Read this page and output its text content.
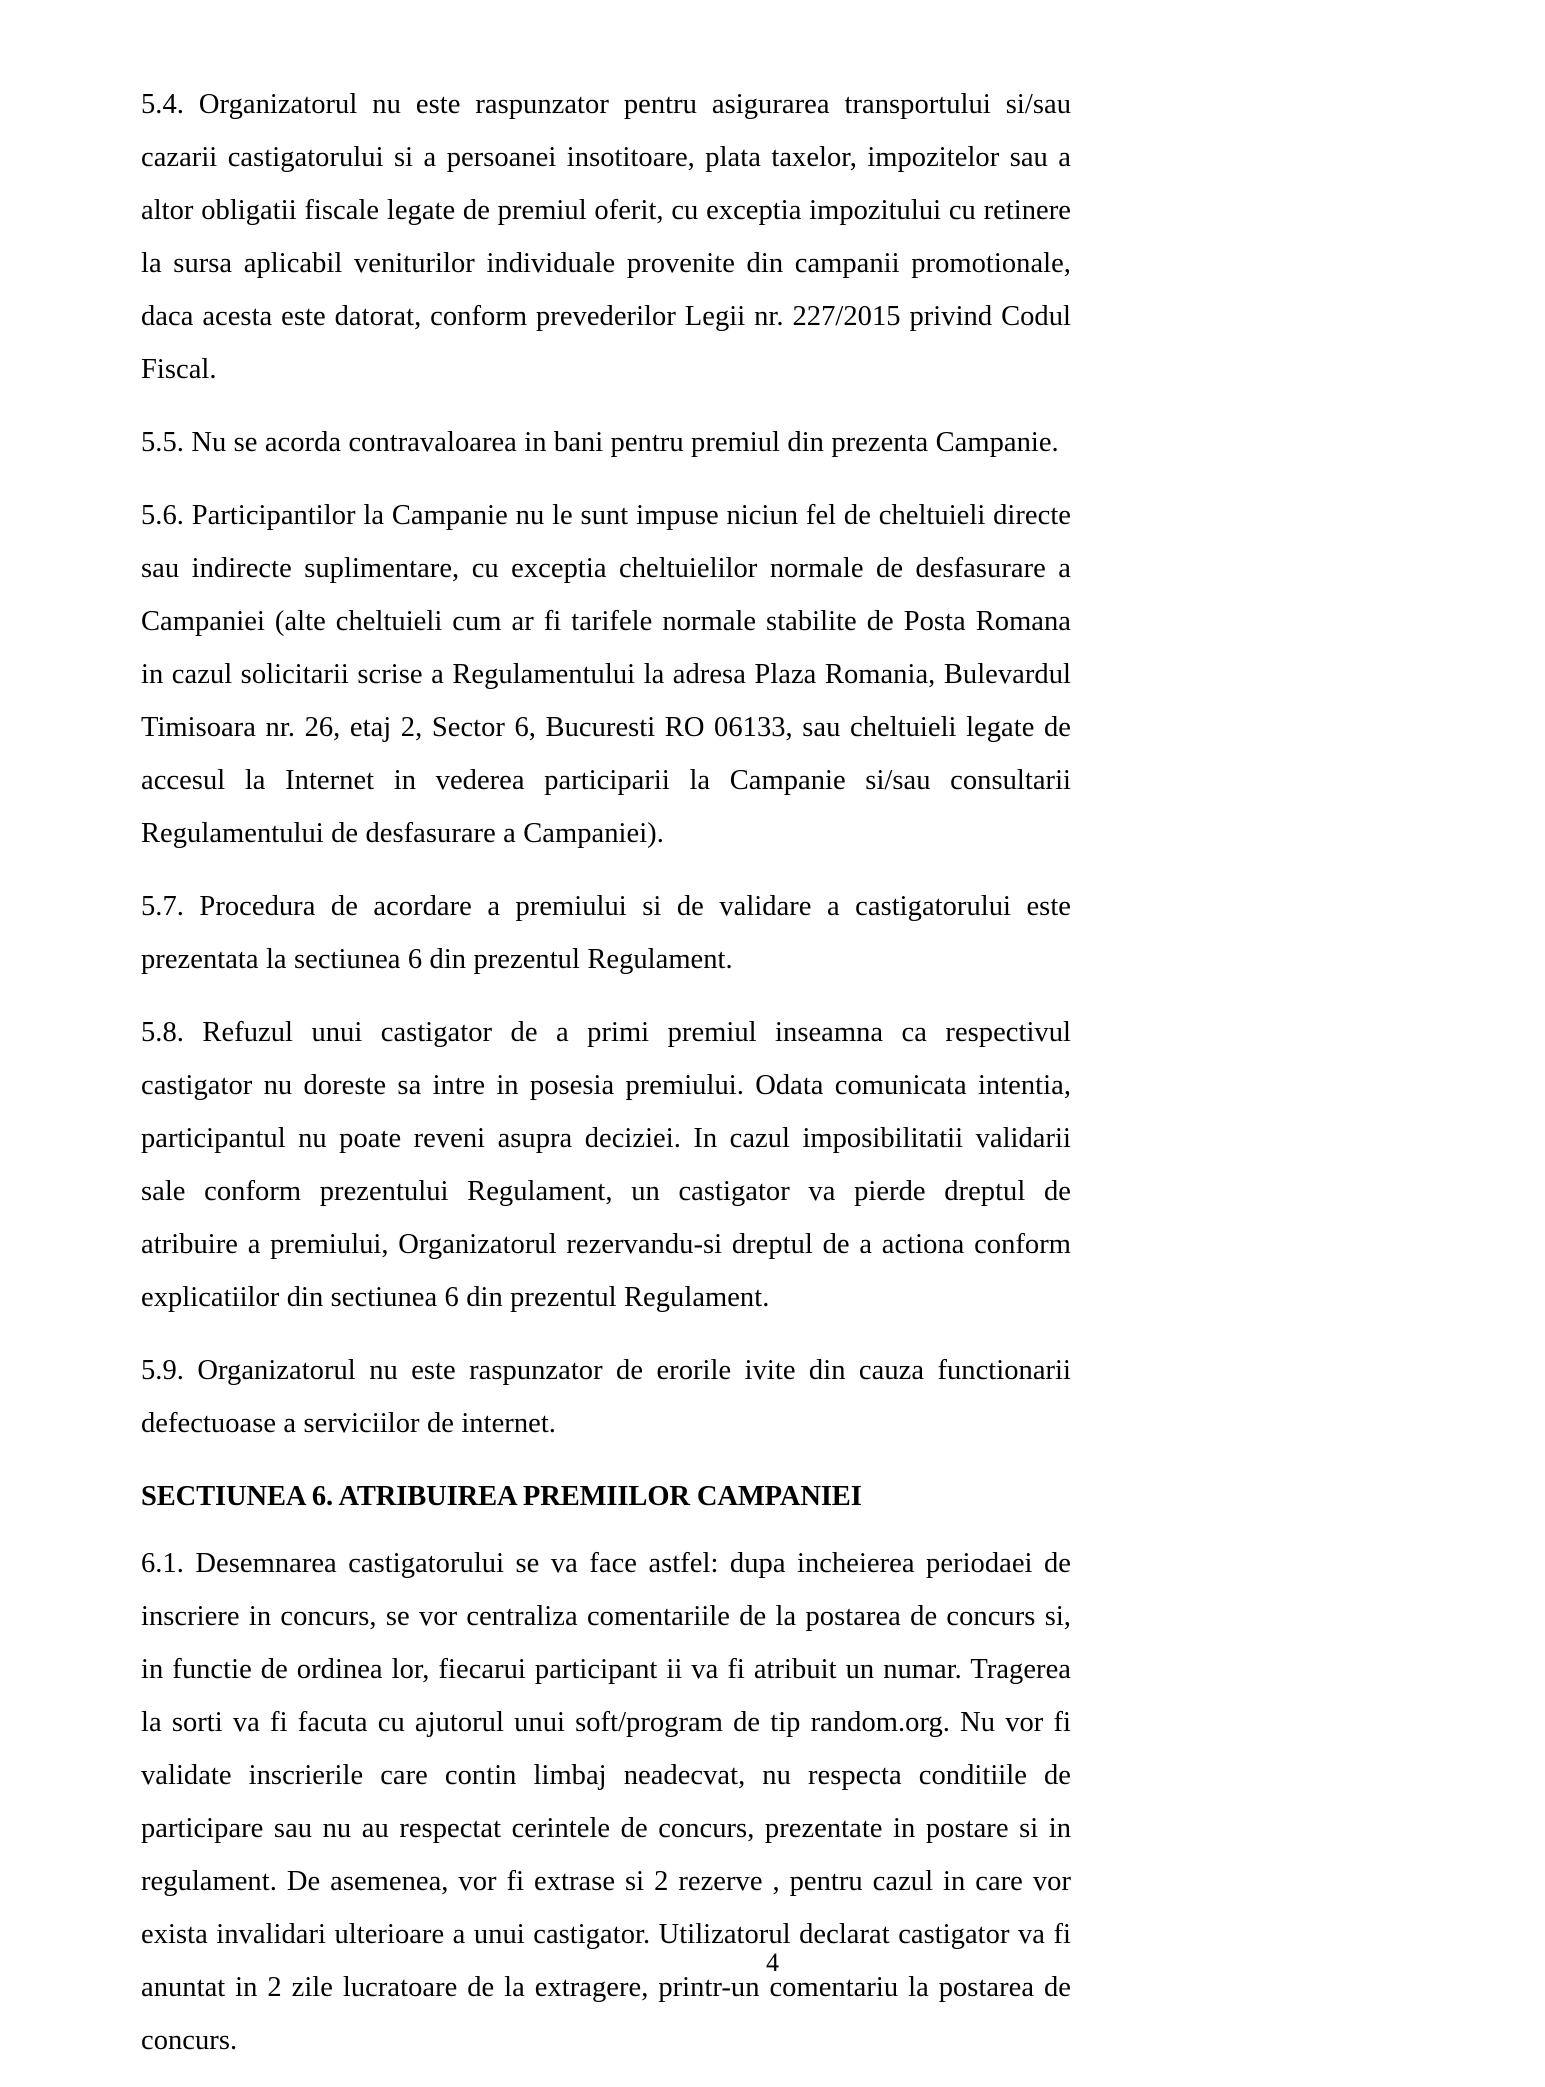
5.4. Organizatorul nu este raspunzator pentru asigurarea transportului si/sau cazarii castigatorului si a persoanei insotitoare, plata taxelor, impozitelor sau a altor obligatii fiscale legate de premiul oferit, cu exceptia impozitului cu retinere la sursa aplicabil veniturilor individuale provenite din campanii promotionale, daca acesta este datorat, conform prevederilor Legii nr. 227/2015 privind Codul Fiscal.

5.5. Nu se acorda contravaloarea in bani pentru premiul din prezenta Campanie.

5.6. Participantilor la Campanie nu le sunt impuse niciun fel de cheltuieli directe sau indirecte suplimentare, cu exceptia cheltuielilor normale de desfasurare a Campaniei (alte cheltuieli cum ar fi tarifele normale stabilite de Posta Romana in cazul solicitarii scrise a Regulamentului la adresa Plaza Romania, Bulevardul Timisoara nr. 26, etaj 2, Sector 6, Bucuresti RO 06133, sau cheltuieli legate de accesul la Internet in vederea participarii la Campanie si/sau consultarii Regulamentului de desfasurare a Campaniei).

5.7. Procedura de acordare a premiului si de validare a castigatorului este prezentata la sectiunea 6 din prezentul Regulament.

5.8. Refuzul unui castigator de a primi premiul inseamna ca respectivul castigator nu doreste sa intre in posesia premiului. Odata comunicata intentia, participantul nu poate reveni asupra deciziei. In cazul imposibilitatii validarii sale conform prezentului Regulament, un castigator va pierde dreptul de atribuire a premiului, Organizatorul rezervandu-si dreptul de a actiona conform explicatiilor din sectiunea 6 din prezentul Regulament.

5.9. Organizatorul nu este raspunzator de erorile ivite din cauza functionarii defectuoase a serviciilor de internet.

SECTIUNEA 6. ATRIBUIREA PREMIILOR CAMPANIEI

6.1. Desemnarea castigatorului se va face astfel: dupa incheierea periodaei de inscriere in concurs, se vor centraliza comentariile de la postarea de concurs si, in functie de ordinea lor, fiecarui participant ii va fi atribuit un numar. Tragerea la sorti va fi facuta cu ajutorul unui soft/program de tip random.org. Nu vor fi validate inscrierile care contin limbaj neadecvat, nu respecta conditiile de participare sau nu au respectat cerintele de concurs, prezentate in postare si in regulament. De asemenea, vor fi extrase si 2 rezerve , pentru cazul in care vor exista invalidari ulterioare a unui castigator. Utilizatorul declarat castigator va fi anuntat in 2 zile lucratoare de la extragere, printr-un comentariu la postarea de concurs.

4
